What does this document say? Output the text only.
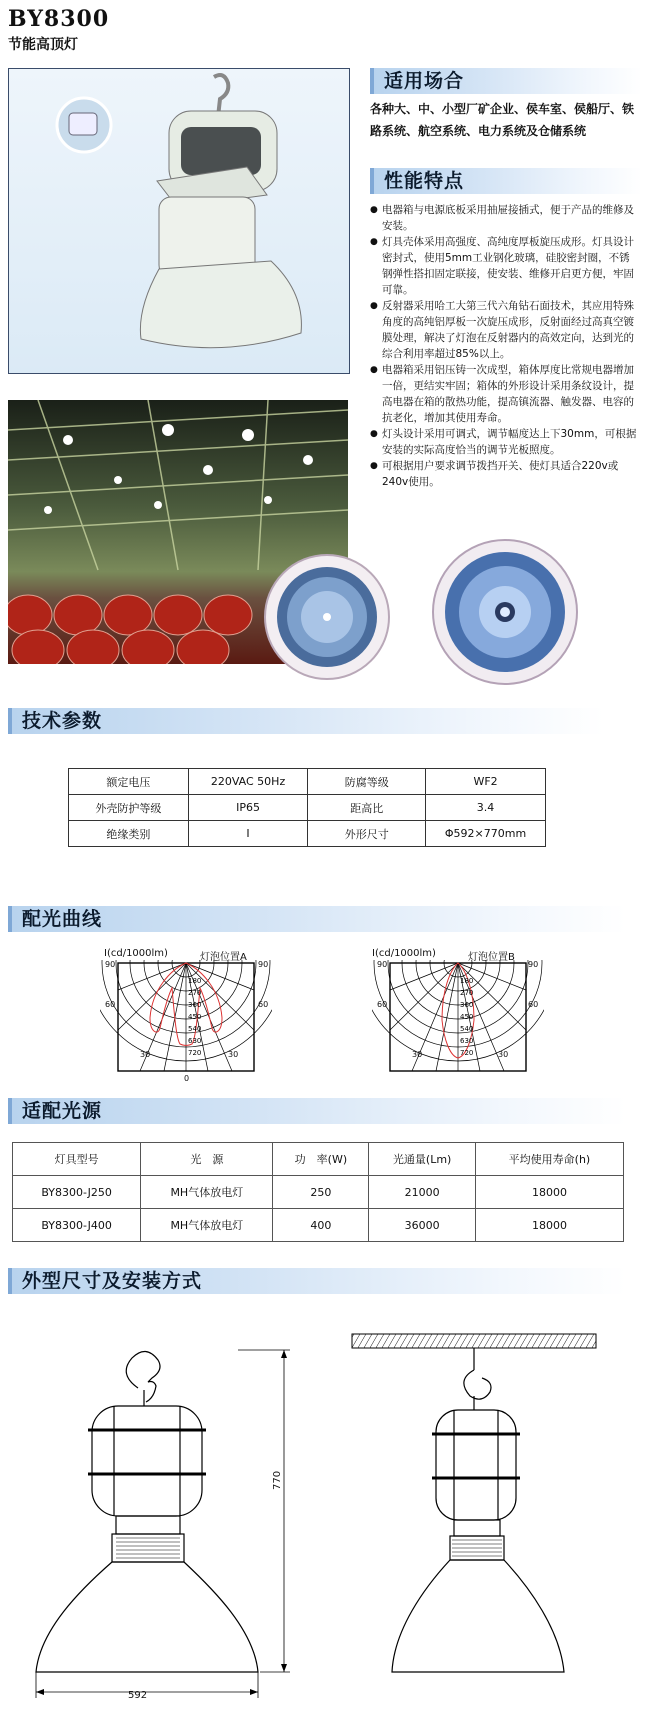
BY8300
节能高顶灯
适用场合
各种大、中、小型厂矿企业、侯车室、侯船厅、铁路系统、航空系统、电力系统及仓储系统
性能特点
● 电器箱与电源底板采用抽屉接插式，便于产品的维修及安装。
● 灯具壳体采用高强度、高纯度厚板旋压成形。灯具设计密封式，使用5mm工业钢化玻璃，硅胶密封圈，不锈钢弹性搭扣固定联接，使安装、维修开启更方便，牢固可靠。
● 反射器采用哈工大第三代六角钻石面技术，其应用特殊角度的高纯铝厚板一次旋压成形，反射面经过高真空镀膜处理，解决了灯泡在反射器内的高效定向，达到光的综合利用率超过85%以上。
● 电器箱采用铝压铸一次成型，箱体厚度比常规电器增加一倍，更结实牢固；箱体的外形设计采用条纹设计，提高电器在箱的散热功能，提高镇流器、触发器、电容的抗老化，增加其使用寿命。
● 灯头设计采用可调式，调节幅度达上下30mm，可根据安装的实际高度恰当的调节光板照度。
● 可根据用户要求调节拨挡开关、使灯具适合220v或240v使用。
技术参数
额定电压	220VAC 50Hz	防腐等级	WF2
外壳防护等级	IP65	距高比	3.4
绝缘类别	I	外形尺寸	Φ592×770mm
配光曲线
I(cd/1000lm)	灯泡位置A
180
270
360
450
540
630
720
90	90
60	60
30	30
0
I(cd/1000lm)	灯泡位置B
180
270
360
450
540
630
720
90	90
60	60
30	30
适配光源
灯具型号	光　源	功　率(W)	光通量(Lm)	平均使用寿命(h)
BY8300-J250	MH气体放电灯	250	21000	18000
BY8300-J400	MH气体放电灯	400	36000	18000
外型尺寸及安装方式
770
592
